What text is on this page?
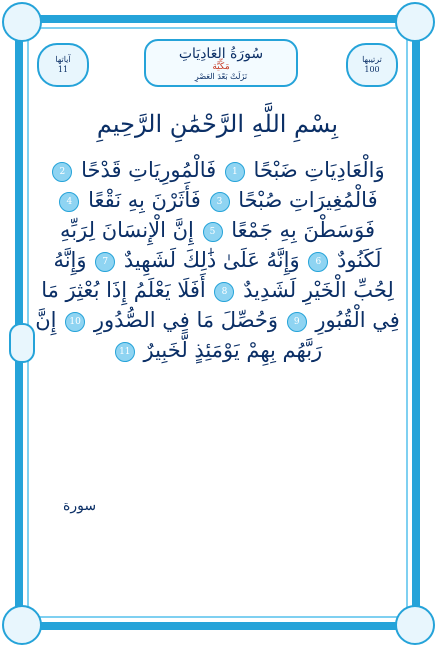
آياتها
11
سُورَةُ العَادِيَاتِ
مَكِّيَّة
نَزَلَتْ بَعْدَ العَصْرِ
ترتيبها
100
بِسْمِ اللَّهِ الرَّحْمَٰنِ الرَّحِيمِ
وَالْعَادِيَاتِ ضَبْحًا 1 فَالْمُورِيَاتِ قَدْحًا 2 فَالْمُغِيرَاتِ صُبْحًا 3 فَأَثَرْنَ بِهِ نَقْعًا 4 فَوَسَطْنَ بِهِ جَمْعًا 5 إِنَّ الْإِنسَانَ لِرَبِّهِ لَكَنُودٌ 6 وَإِنَّهُ عَلَىٰ ذَٰلِكَ لَشَهِيدٌ 7 وَإِنَّهُ لِحُبِّ الْخَيْرِ لَشَدِيدٌ 8 أَفَلَا يَعْلَمُ إِذَا بُعْثِرَ مَا فِي الْقُبُورِ 9 وَحُصِّلَ مَا فِي الصُّدُورِ 10 إِنَّ رَبَّهُم بِهِمْ يَوْمَئِذٍ لَّخَبِيرٌ 11
سورة
